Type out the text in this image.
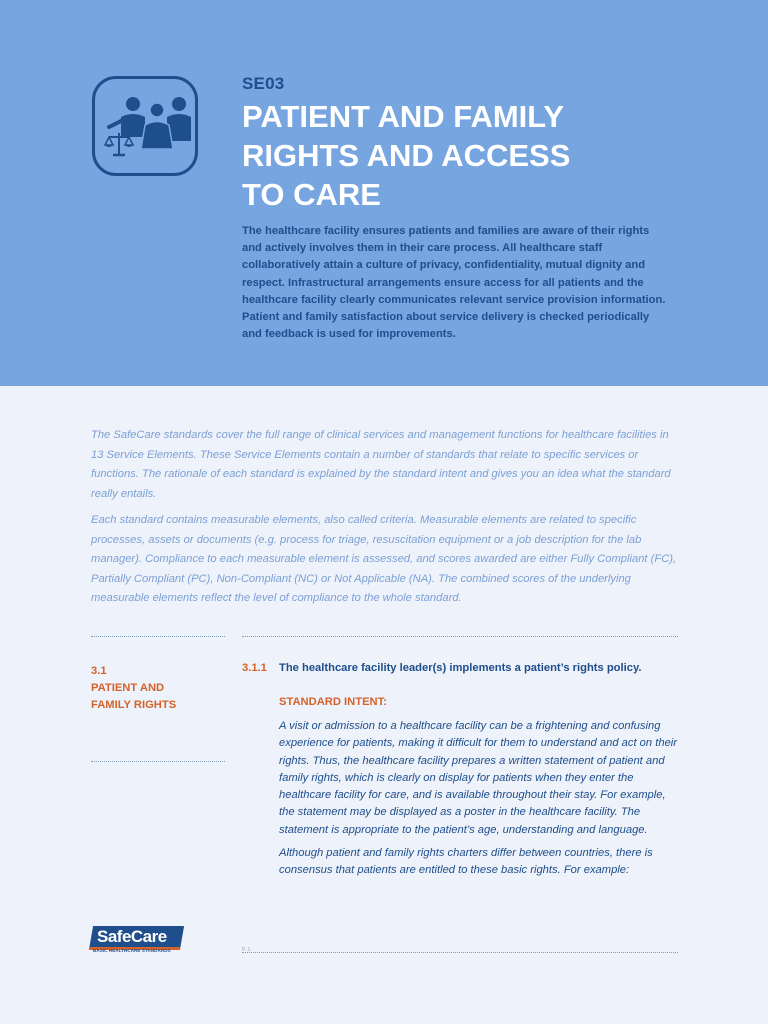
SE03
PATIENT AND FAMILY
RIGHTS AND ACCESS
TO CARE

The healthcare facility ensures patients and families are aware of their rights and actively involves them in their care process. All healthcare staff collaboratively attain a culture of privacy, confidentiality, mutual dignity and respect. Infrastructural arrangements ensure access for all patients and the healthcare facility clearly communicates relevant service provision information. Patient and family satisfaction about service delivery is checked periodically and feedback is used for improvements.

The SafeCare standards cover the full range of clinical services and management functions for healthcare facilities in 13 Service Elements. These Service Elements contain a number of standards that relate to specific services or functions. The rationale of each standard is explained by the standard intent and gives you an idea what the standard really entails.

Each standard contains measurable elements, also called criteria. Measurable elements are related to specific processes, assets or documents (e.g. process for triage, resuscitation equipment or a job description for the lab manager). Compliance to each measurable element is assessed, and scores awarded are either Fully Compliant (FC), Partially Compliant (PC), Non-Compliant (NC) or Not Applicable (NA). The combined scores of the underlying measurable elements reflect the level of compliance to the whole standard.

3.1
PATIENT AND
FAMILY RIGHTS
3.1.1 The healthcare facility leader(s) implements a patient’s rights policy.
STANDARD INTENT:

A visit or admission to a healthcare facility can be a frightening and confusing experience for patients, making it difficult for them to understand and act on their rights. Thus, the healthcare facility prepares a written statement of patient and family rights, which is clearly on display for patients when they enter the healthcare facility for care, and is available throughout their stay. For example, the statement may be displayed as a poster in the healthcare facility. The statement is appropriate to the patient’s age, understanding and language.

Although patient and family rights charters differ between countries, there is consensus that patients are entitled to these basic rights. For example:

SafeCare
BASIC HEALTHCARE STANDARDS	P. 1
